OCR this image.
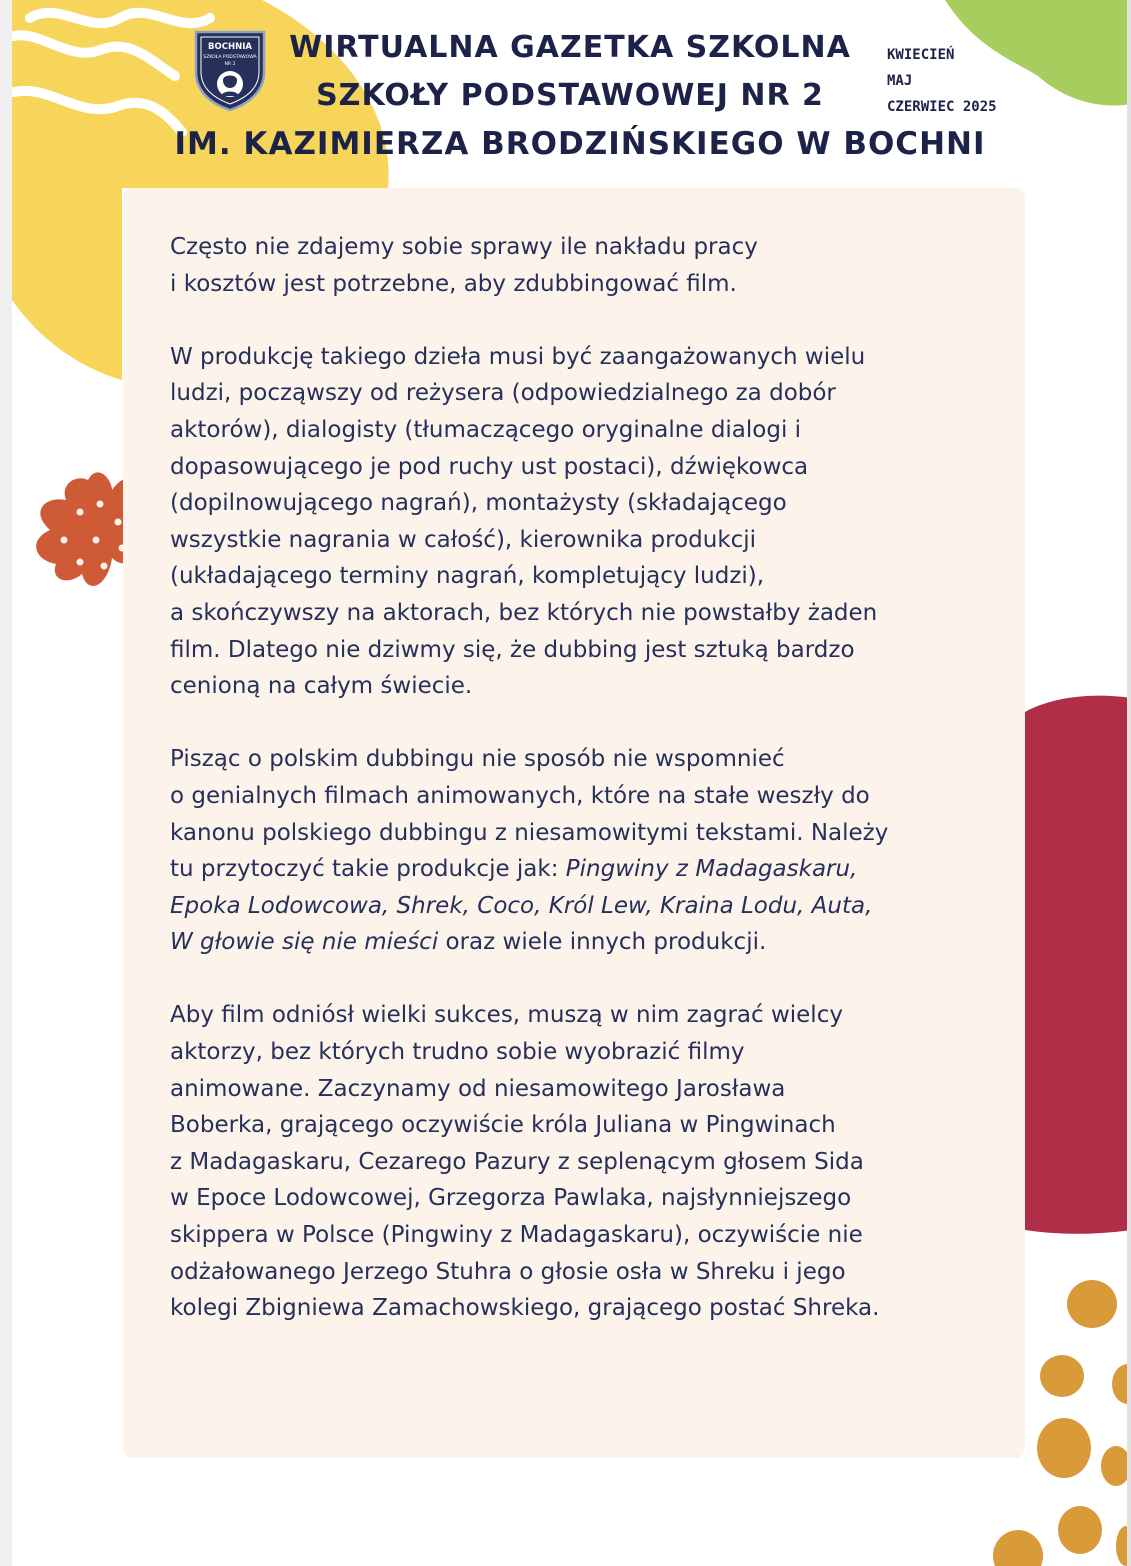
BOCHNIA
SZKOŁA PODSTAWOWA
NR 2	WIRTUALNA GAZETKA SZKOLNA
SZKOŁY PODSTAWOWEJ NR 2
IM. KAZIMIERZA BRODZIŃSKIEGO W BOCHNI
KWIECIEŃ
MAJ
CZERWIEC 2025

Często nie zdajemy sobie sprawy ile nakładu pracy
i kosztów jest potrzebne, aby zdubbingować film.

W produkcję takiego dzieła musi być zaangażowanych wielu
ludzi, począwszy od reżysera (odpowiedzialnego za dobór
aktorów), dialogisty (tłumaczącego oryginalne dialogi i
dopasowującego je pod ruchy ust postaci), dźwiękowca
(dopilnowującego nagrań), montażysty (składającego
wszystkie nagrania w całość), kierownika produkcji
(układającego terminy nagrań, kompletujący ludzi),
a skończywszy na aktorach, bez których nie powstałby żaden
film. Dlatego nie dziwmy się, że dubbing jest sztuką bardzo
cenioną na całym świecie.

Pisząc o polskim dubbingu nie sposób nie wspomnieć
o genialnych filmach animowanych, które na stałe weszły do
kanonu polskiego dubbingu z niesamowitymi tekstami. Należy
tu przytoczyć takie produkcje jak: Pingwiny z Madagaskaru,
Epoka Lodowcowa, Shrek, Coco, Król Lew, Kraina Lodu, Auta,
W głowie się nie mieści oraz wiele innych produkcji.

Aby film odniósł wielki sukces, muszą w nim zagrać wielcy
aktorzy, bez których trudno sobie wyobrazić filmy
animowane. Zaczynamy od niesamowitego Jarosława
Boberka, grającego oczywiście króla Juliana w Pingwinach
z Madagaskaru, Cezarego Pazury z seplenącym głosem Sida
w Epoce Lodowcowej, Grzegorza Pawlaka, najsłynniejszego
skippera w Polsce (Pingwiny z Madagaskaru), oczywiście nie
odżałowanego Jerzego Stuhra o głosie osła w Shreku i jego
kolegi Zbigniewa Zamachowskiego, grającego postać Shreka.
